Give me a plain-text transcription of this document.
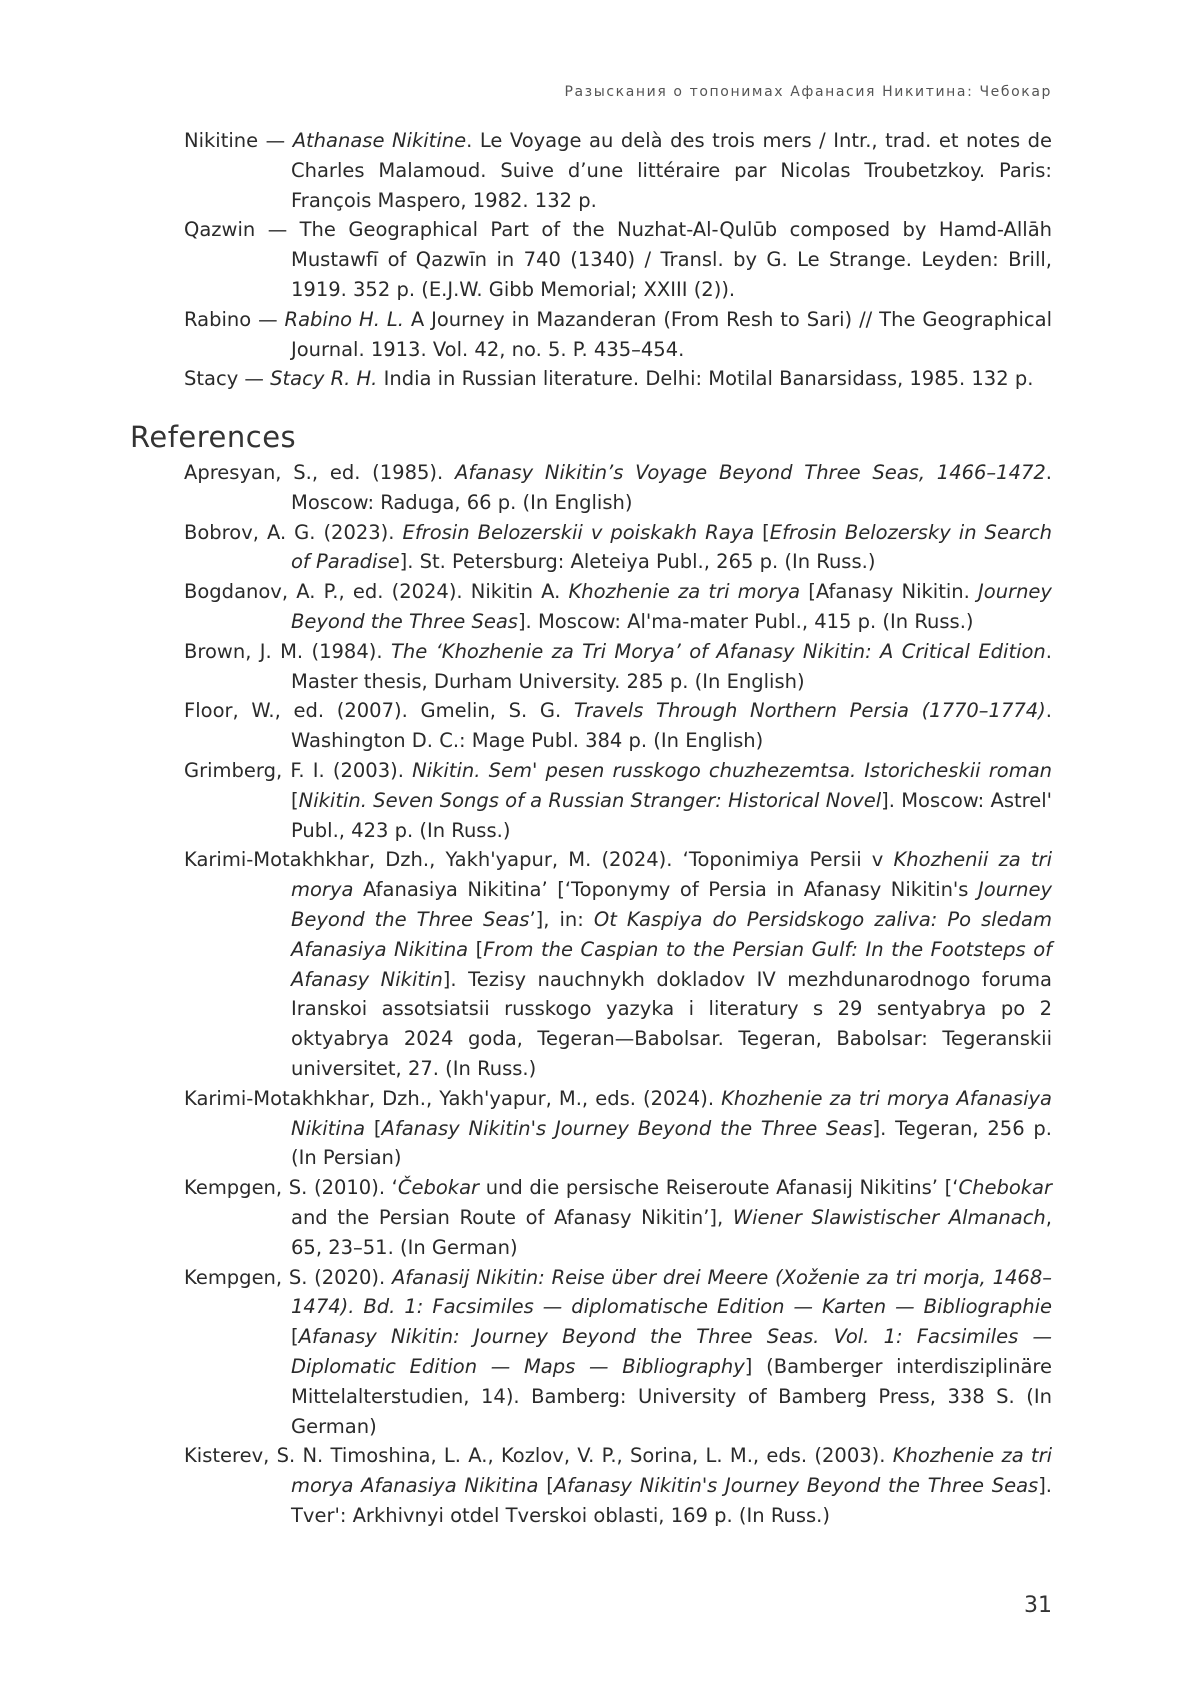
Разыскания о топонимах Афанасия Никитина: Чебокар
Nikitine — Athanase Nikitine. Le Voyage au delà des trois mers / Intr., trad. et notes de Charles Malamoud. Suive d’une littéraire par Nicolas Troubetzkoy. Paris: François Maspero, 1982. 132 p.
Qazwin — The Geographical Part of the Nuzhat-Al-Qulūb composed by Hamd-Allāh Mustawfī of Qazwīn in 740 (1340) / Transl. by G. Le Strange. Leyden: Brill, 1919. 352 p. (E.J.W. Gibb Memorial; XXIII (2)).
Rabino — Rabino H. L. A Journey in Mazanderan (From Resh to Sari) // The Geographical Journal. 1913. Vol. 42, no. 5. P. 435–454.
Stacy — Stacy R. H. India in Russian literature. Delhi: Motilal Banarsidass, 1985. 132 p.
References
Apresyan, S., ed. (1985). Afanasy Nikitin’s Voyage Beyond Three Seas, 1466–1472. Moscow: Raduga, 66 p. (In English)
Bobrov, A. G. (2023). Efrosin Belozerskii v poiskakh Raya [Efrosin Belozersky in Search of Paradise]. St. Petersburg: Aleteiya Publ., 265 p. (In Russ.)
Bogdanov, A. P., ed. (2024). Nikitin A. Khozhenie za tri morya [Afanasy Nikitin. Journey Beyond the Three Seas]. Moscow: Al'ma-mater Publ., 415 p. (In Russ.)
Brown, J. M. (1984). The ‘Khozhenie za Tri Morya’ of Afanasy Nikitin: A Critical Edition. Master thesis, Durham University. 285 p. (In English)
Floor, W., ed. (2007). Gmelin, S. G. Travels Through Northern Persia (1770–1774). Washington D. C.: Mage Publ. 384 p. (In English)
Grimberg, F. I. (2003). Nikitin. Sem' pesen russkogo chuzhezemtsa. Istoricheskii roman [Nikitin. Seven Songs of a Russian Stranger: Historical Novel]. Moscow: Astrel' Publ., 423 p. (In Russ.)
Karimi-Motakhkhar, Dzh., Yakh'yapur, M. (2024). ‘Toponimiya Persii v Khozhenii za tri morya Afanasiya Nikitina’ [‘Toponymy of Persia in Afanasy Nikitin's Journey Beyond the Three Seas’], in: Ot Kaspiya do Persidskogo zaliva: Po sledam Afanasiya Nikitina [From the Caspian to the Persian Gulf: In the Footsteps of Afanasy Nikitin]. Tezisy nauchnykh dokladov IV mezhdunarodnogo foruma Iranskoi assotsiatsii russkogo yazyka i literatury s 29 sentyabrya po 2 oktyabrya 2024 goda, Tegeran—Babolsar. Tegeran, Babolsar: Tegeranskii universitet, 27. (In Russ.)
Karimi-Motakhkhar, Dzh., Yakh'yapur, M., eds. (2024). Khozhenie za tri morya Afanasiya Nikitina [Afanasy Nikitin's Journey Beyond the Three Seas]. Tegeran, 256 p. (In Persian)
Kempgen, S. (2010). ‘Čebokar und die persische Reiseroute Afanasij Nikitins’ [‘Chebokar and the Persian Route of Afanasy Nikitin’], Wiener Slawistischer Almanach, 65, 23–51. (In German)
Kempgen, S. (2020). Afanasij Nikitin: Reise über drei Meere (Xoženie za tri morja, 1468–1474). Bd. 1: Facsimiles — diplomatische Edition — Karten — Bibliographie [Afanasy Nikitin: Journey Beyond the Three Seas. Vol. 1: Facsimiles — Diplomatic Edition — Maps — Bibliography] (Bamberger interdisziplinäre Mittelalterstudien, 14). Bamberg: University of Bamberg Press, 338 S. (In German)
Kisterev, S. N. Timoshina, L. A., Kozlov, V. P., Sorina, L. M., eds. (2003). Khozhenie za tri morya Afanasiya Nikitina [Afanasy Nikitin's Journey Beyond the Three Seas]. Tver': Arkhivnyi otdel Tverskoi oblasti, 169 p. (In Russ.)
31
